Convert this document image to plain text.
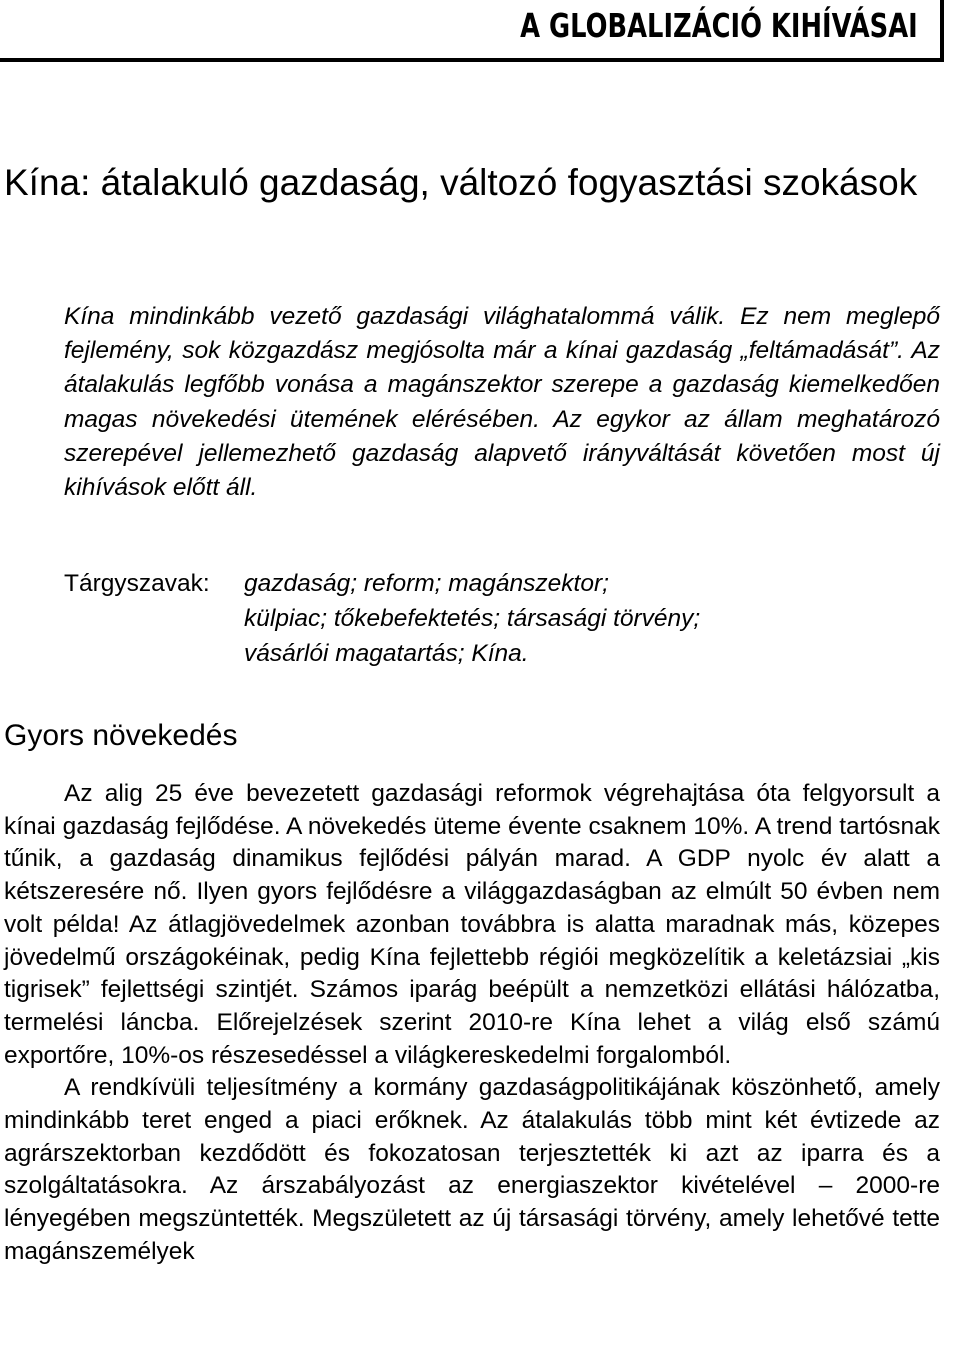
A GLOBALIZÁCIÓ KIHÍVÁSAI
Kína: átalakuló gazdaság, változó fogyasztási szokások

Kína mindinkább vezető gazdasági világhatalommá válik. Ez nem meglepő fejlemény, sok közgazdász megjósolta már a kínai gazdaság „feltámadását”. Az átalakulás legfőbb vonása a magánszektor szerepe a gazdaság kiemelkedően magas növekedési ütemének elérésében. Az egykor az állam meghatározó szerepével jellemezhető gazdaság alapvető irányváltását követően most új kihívások előtt áll.

Tárgyszavak: gazdaság; reform; magánszektor;
külpiac; tőkebefektetés; társasági törvény;
vásárlói magatartás; Kína.
Gyors növekedés

Az alig 25 éve bevezetett gazdasági reformok végrehajtása óta felgyorsult a kínai gazdaság fejlődése. A növekedés üteme évente csaknem 10%. A trend tartósnak tűnik, a gazdaság dinamikus fejlődési pályán marad. A GDP nyolc év alatt a kétszeresére nő. Ilyen gyors fejlődésre a világgazdaságban az elmúlt 50 évben nem volt példa! Az átlagjövedelmek azonban továbbra is alatta maradnak más, közepes jövedelmű országokéinak, pedig Kína fejlettebb régiói megközelítik a keletázsiai „kis tigrisek” fejlettségi szintjét. Számos iparág beépült a nemzetközi ellátási hálózatba, termelési láncba. Előrejelzések szerint 2010-re Kína lehet a világ első számú exportőre, 10%-os részesedéssel a világkereskedelmi forgalomból.

A rendkívüli teljesítmény a kormány gazdaságpolitikájának köszönhető, amely mindinkább teret enged a piaci erőknek. Az átalakulás több mint két évtizede az agrárszektorban kezdődött és fokozatosan terjesztették ki azt az iparra és a szolgáltatásokra. Az árszabályozást az energiaszektor kivételével – 2000-re lényegében megszüntették. Megszületett az új társasági törvény, amely lehetővé tette magánszemélyek
